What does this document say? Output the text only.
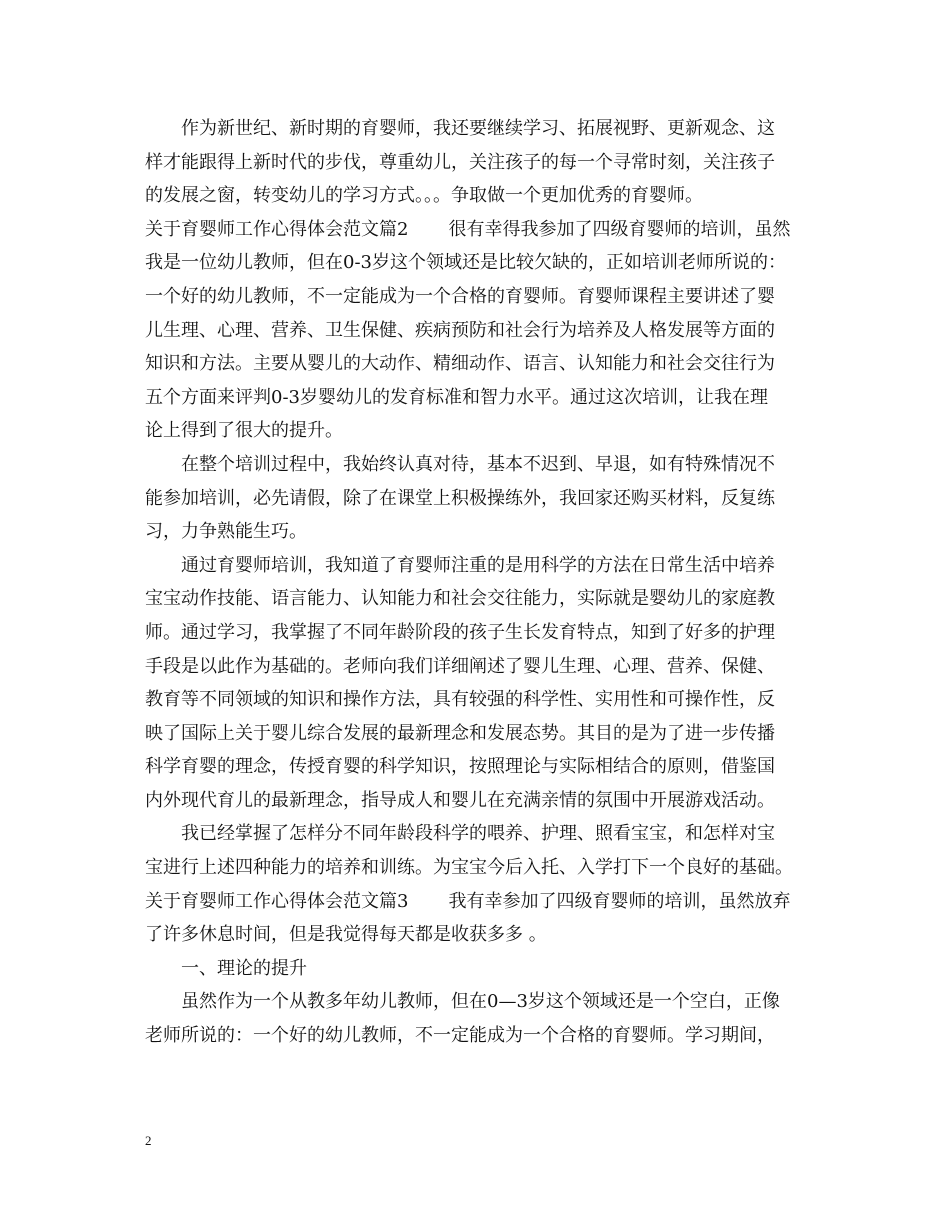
作为新世纪、新时期的育婴师，我还要继续学习、拓展视野、更新观念、这
样才能跟得上新时代的步伐，尊重幼儿，关注孩子的每一个寻常时刻，关注孩子
的发展之窗，转变幼儿的学习方式。。。争取做一个更加优秀的育婴师。
关于育婴师工作心得体会范文篇2 很有幸得我参加了四级育婴师的培训，虽然
我是一位幼儿教师，但在0-3岁这个领域还是比较欠缺的，正如培训老师所说的：
一个好的幼儿教师，不一定能成为一个合格的育婴师。育婴师课程主要讲述了婴
儿生理、心理、营养、卫生保健、疾病预防和社会行为培养及人格发展等方面的
知识和方法。主要从婴儿的大动作、精细动作、语言、认知能力和社会交往行为
五个方面来评判0-3岁婴幼儿的发育标准和智力水平。通过这次培训，让我在理
论上得到了很大的提升。
在整个培训过程中，我始终认真对待，基本不迟到、早退，如有特殊情况不
能参加培训，必先请假，除了在课堂上积极操练外，我回家还购买材料，反复练
习，力争熟能生巧。
通过育婴师培训，我知道了育婴师注重的是用科学的方法在日常生活中培养
宝宝动作技能、语言能力、认知能力和社会交往能力，实际就是婴幼儿的家庭教
师。通过学习，我掌握了不同年龄阶段的孩子生长发育特点，知到了好多的护理
手段是以此作为基础的。老师向我们详细阐述了婴儿生理、心理、营养、保健、
教育等不同领域的知识和操作方法，具有较强的科学性、实用性和可操作性，反
映了国际上关于婴儿综合发展的最新理念和发展态势。其目的是为了进一步传播
科学育婴的理念，传授育婴的科学知识，按照理论与实际相结合的原则，借鉴国
内外现代育儿的最新理念，指导成人和婴儿在充满亲情的氛围中开展游戏活动。
我已经掌握了怎样分不同年龄段科学的喂养、护理、照看宝宝，和怎样对宝
宝进行上述四种能力的培养和训练。为宝宝今后入托、入学打下一个良好的基础。
关于育婴师工作心得体会范文篇3 我有幸参加了四级育婴师的培训，虽然放弃
了许多休息时间，但是我觉得每天都是收获多多 。
一、理论的提升
虽然作为一个从教多年幼儿教师，但在0—3岁这个领域还是一个空白，正像
老师所说的：一个好的幼儿教师，不一定能成为一个合格的育婴师。学习期间，
2
